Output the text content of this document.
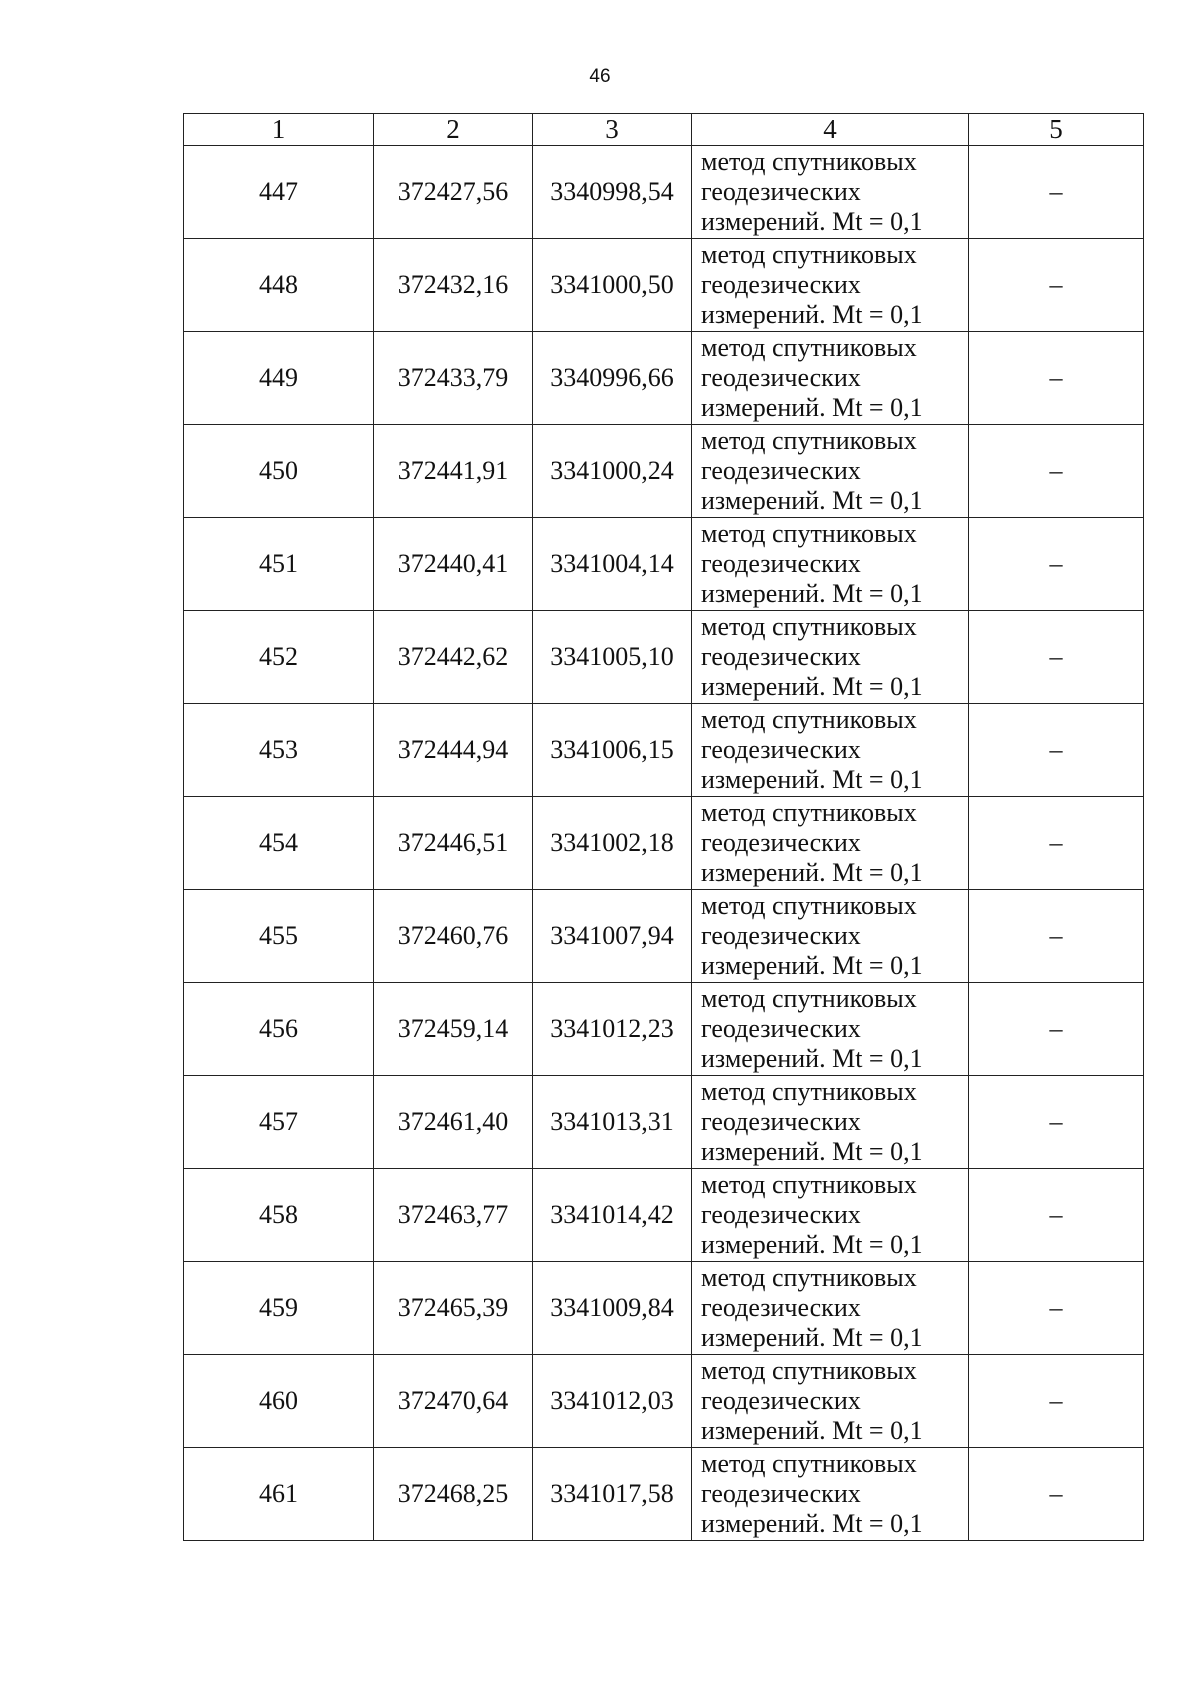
46
1	2	3	4	5
447	372427,56	3340998,54	метод спутниковых
геодезических
измерений. Mt = 0,1	–
448	372432,16	3341000,50	метод спутниковых
геодезических
измерений. Mt = 0,1	–
449	372433,79	3340996,66	метод спутниковых
геодезических
измерений. Mt = 0,1	–
450	372441,91	3341000,24	метод спутниковых
геодезических
измерений. Mt = 0,1	–
451	372440,41	3341004,14	метод спутниковых
геодезических
измерений. Mt = 0,1	–
452	372442,62	3341005,10	метод спутниковых
геодезических
измерений. Mt = 0,1	–
453	372444,94	3341006,15	метод спутниковых
геодезических
измерений. Mt = 0,1	–
454	372446,51	3341002,18	метод спутниковых
геодезических
измерений. Mt = 0,1	–
455	372460,76	3341007,94	метод спутниковых
геодезических
измерений. Mt = 0,1	–
456	372459,14	3341012,23	метод спутниковых
геодезических
измерений. Mt = 0,1	–
457	372461,40	3341013,31	метод спутниковых
геодезических
измерений. Mt = 0,1	–
458	372463,77	3341014,42	метод спутниковых
геодезических
измерений. Mt = 0,1	–
459	372465,39	3341009,84	метод спутниковых
геодезических
измерений. Mt = 0,1	–
460	372470,64	3341012,03	метод спутниковых
геодезических
измерений. Mt = 0,1	–
461	372468,25	3341017,58	метод спутниковых
геодезических
измерений. Mt = 0,1	–
